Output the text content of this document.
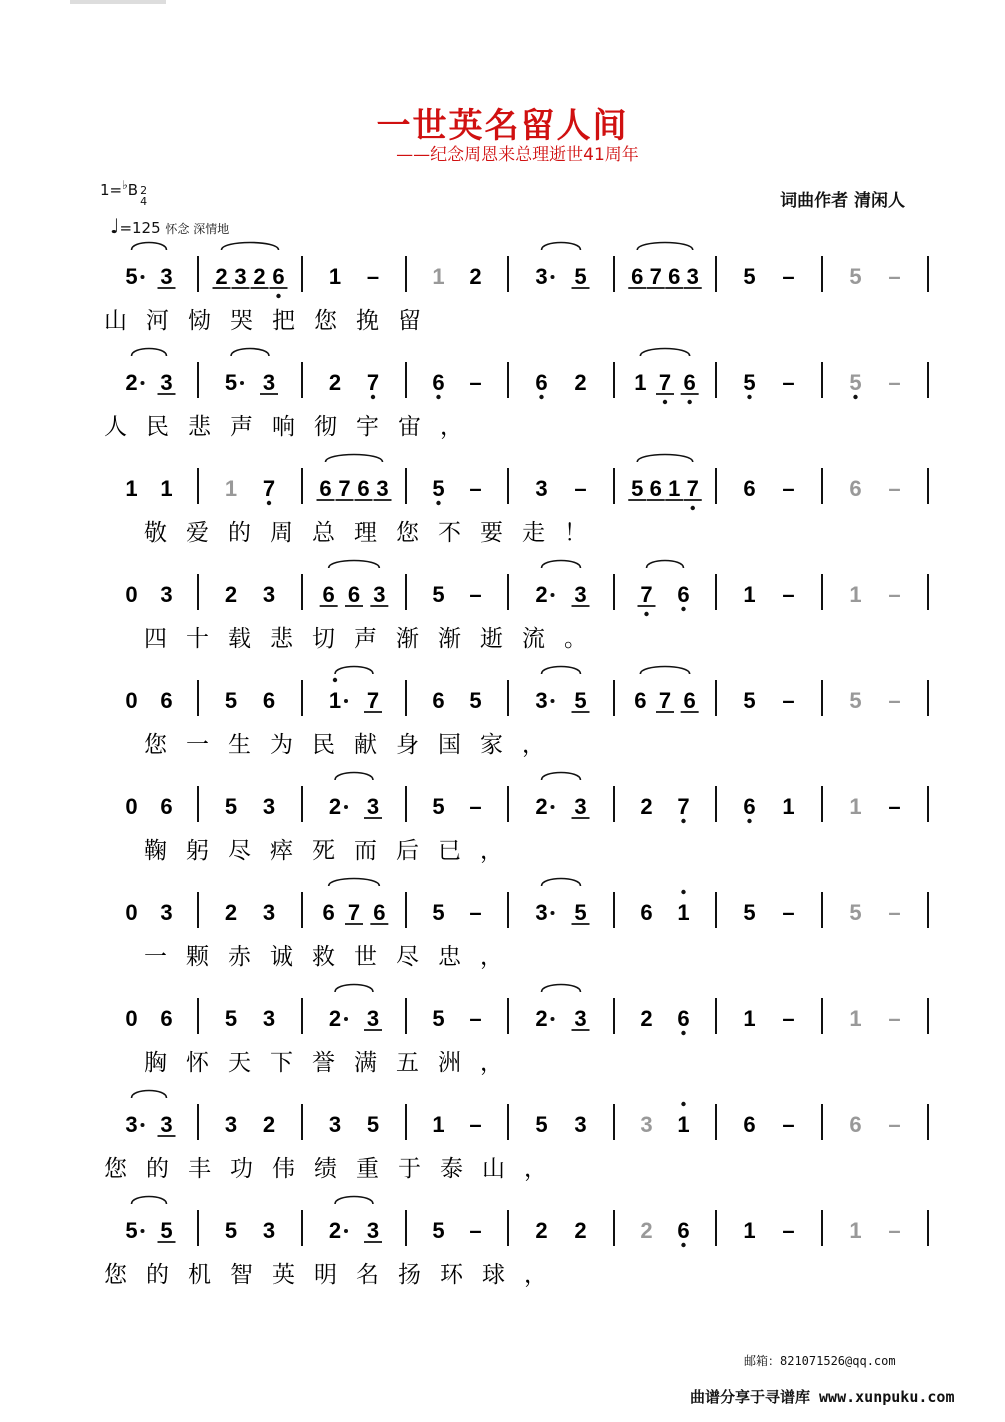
一世英名留人间
——纪念周恩来总理逝世41周年
1=♭B 2
4
♩=125 怀念 深情地
词曲作者 清闲人
5 3 2 3 2 6 1 – 1 2 3 5 6 7 6 3 5 – 5 –
山河恸哭把您挽留
2 3 5 3 2 7 6 – 6 2 1 7 6 5 – 5 –
人民悲声响彻宇宙，
1 1 1 7 6 7 6 3 5 – 3 – 5 6 1 7 6 – 6 –
敬爱的周总理您不要走！
0 3 2 3 6 6 3 5 – 2 3 7 6 1 – 1 –
四十载悲切声渐渐逝流。
0 6 5 6 1 7 6 5 3 5 6 7 6 5 – 5 –
您一生为民献身国家，
0 6 5 3 2 3 5 – 2 3 2 7 6 1 1 –
鞠躬尽瘁死而后已，
0 3 2 3 6 7 6 5 – 3 5 6 1 5 – 5 –
一颗赤诚救世尽忠，
0 6 5 3 2 3 5 – 2 3 2 6 1 – 1 –
胸怀天下誉满五洲，
3 3 3 2 3 5 1 – 5 3 3 1 6 – 6 –
您的丰功伟绩重于泰山，
5 5 5 3 2 3 5 – 2 2 2 6 1 – 1 –
您的机智英明名扬环球，
邮箱：821071526@qq.com
曲谱分享于寻谱库 www.xunpuku.com
